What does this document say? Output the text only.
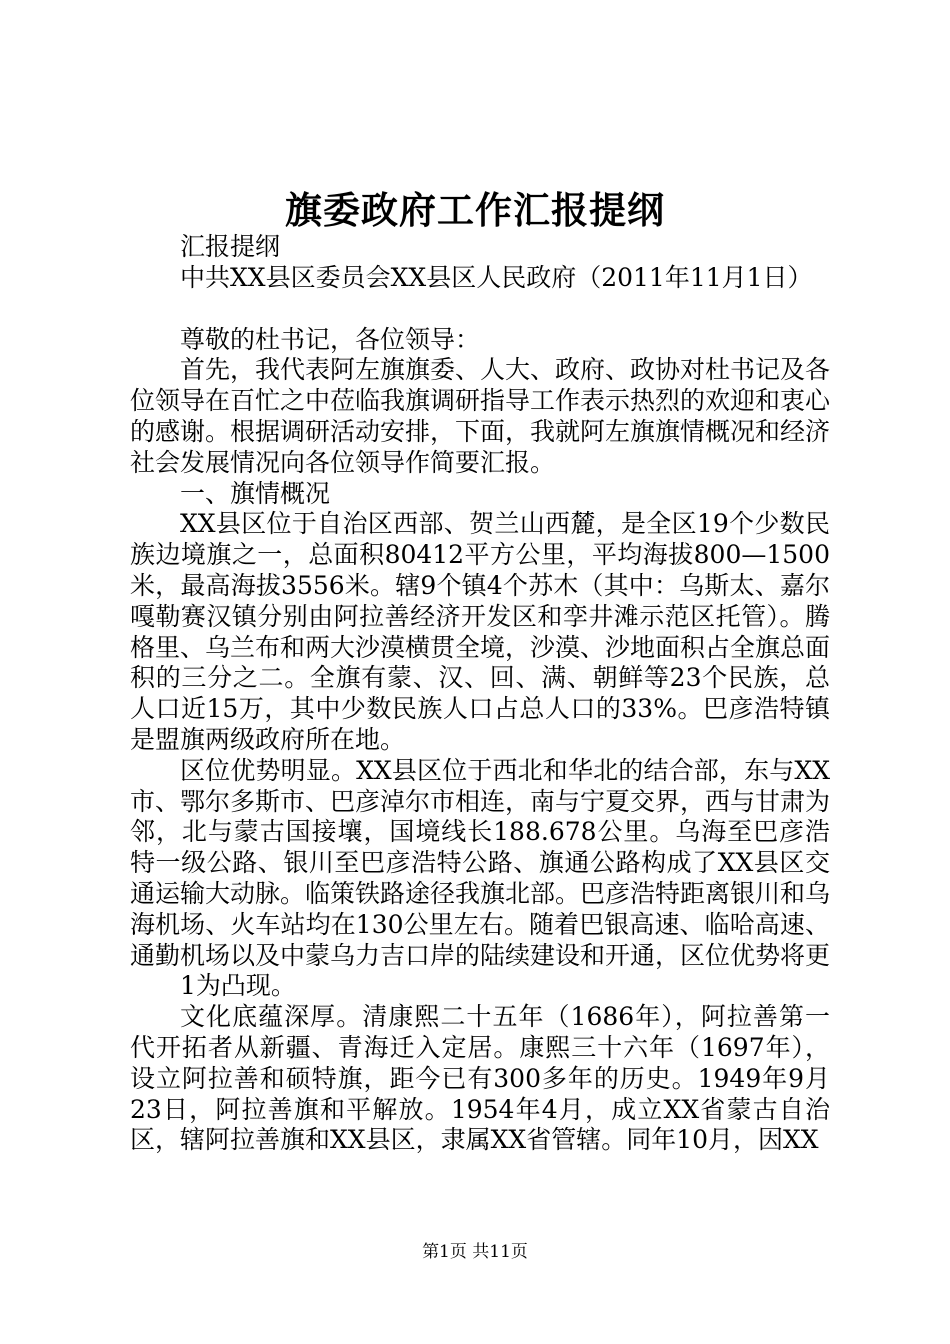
旗委政府工作汇报提纲

汇报提纲

中共XX县区委员会XX县区人民政府（2011年11月1日）

尊敬的杜书记，各位领导：

首先，我代表阿左旗旗委、人大、政府、政协对杜书记及各位领导在百忙之中莅临我旗调研指导工作表示热烈的欢迎和衷心的感谢。根据调研活动安排，下面，我就阿左旗旗情概况和经济社会发展情况向各位领导作简要汇报。

一、旗情概况

XX县区位于自治区西部、贺兰山西麓，是全区19个少数民族边境旗之一，总面积80412平方公里，平均海拔800—1500米，最高海拔3556米。辖9个镇4个苏木（其中：乌斯太、嘉尔嘎勒赛汉镇分别由阿拉善经济开发区和孪井滩示范区托管）。腾格里、乌兰布和两大沙漠横贯全境，沙漠、沙地面积占全旗总面积的三分之二。全旗有蒙、汉、回、满、朝鲜等23个民族，总人口近15万，其中少数民族人口占总人口的33%。巴彦浩特镇是盟旗两级政府所在地。

区位优势明显。XX县区位于西北和华北的结合部，东与XX市、鄂尔多斯市、巴彦淖尔市相连，南与宁夏交界，西与甘肃为邻，北与蒙古国接壤，国境线长188.678公里。乌海至巴彦浩特一级公路、银川至巴彦浩特公路、旗通公路构成了XX县区交通运输大动脉。临策铁路途径我旗北部。巴彦浩特距离银川和乌海机场、火车站均在130公里左右。随着巴银高速、临哈高速、通勤机场以及中蒙乌力吉口岸的陆续建设和开通，区位优势将更

1为凸现。

文化底蕴深厚。清康熙二十五年（1686年），阿拉善第一代开拓者从新疆、青海迁入定居。康熙三十六年（1697年），设立阿拉善和硕特旗，距今已有300多年的历史。1949年9月23日，阿拉善旗和平解放。1954年4月，成立XX省蒙古自治区，辖阿拉善旗和XX县区，隶属XX省管辖。同年10月，因XX

第1页 共11页
